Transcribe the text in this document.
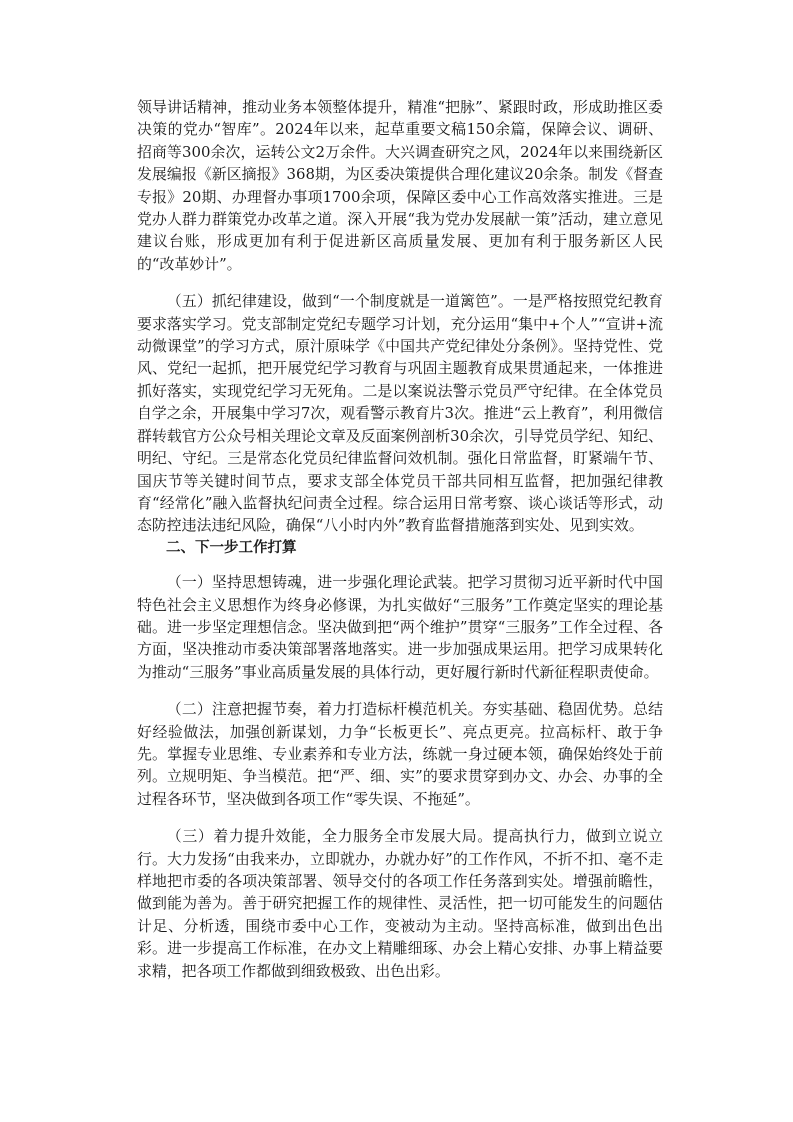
领导讲话精神，推动业务本领整体提升，精准“把脉”、紧跟时政，形成助推区委决策的党办“智库”。2024年以来，起草重要文稿150余篇，保障会议、调研、招商等300余次，运转公文2万余件。大兴调查研究之风，2024年以来围绕新区发展编报《新区摘报》368期，为区委决策提供合理化建议20余条。制发《督查专报》20期、办理督办事项1700余项，保障区委中心工作高效落实推进。三是党办人群力群策党办改革之道。深入开展“我为党办发展献一策”活动，建立意见建议台账，形成更加有利于促进新区高质量发展、更加有利于服务新区人民的“改革妙计”。

（五）抓纪律建设，做到“一个制度就是一道篱笆”。一是严格按照党纪教育要求落实学习。党支部制定党纪专题学习计划，充分运用“集中+个人”“宣讲+流动微课堂”的学习方式，原汁原味学《中国共产党纪律处分条例》。坚持党性、党风、党纪一起抓，把开展党纪学习教育与巩固主题教育成果贯通起来，一体推进抓好落实，实现党纪学习无死角。二是以案说法警示党员严守纪律。在全体党员自学之余，开展集中学习7次，观看警示教育片3次。推进“云上教育”，利用微信群转载官方公众号相关理论文章及反面案例剖析30余次，引导党员学纪、知纪、明纪、守纪。三是常态化党员纪律监督问效机制。强化日常监督，盯紧端午节、国庆节等关键时间节点，要求支部全体党员干部共同相互监督，把加强纪律教育“经常化”融入监督执纪问责全过程。综合运用日常考察、谈心谈话等形式，动态防控违法违纪风险，确保“八小时内外”教育监督措施落到实处、见到实效。

二、下一步工作打算

（一）坚持思想铸魂，进一步强化理论武装。把学习贯彻习近平新时代中国特色社会主义思想作为终身必修课，为扎实做好“三服务”工作奠定坚实的理论基础。进一步坚定理想信念。坚决做到把“两个维护”贯穿“三服务”工作全过程、各方面，坚决推动市委决策部署落地落实。进一步加强成果运用。把学习成果转化为推动“三服务”事业高质量发展的具体行动，更好履行新时代新征程职责使命。

（二）注意把握节奏，着力打造标杆模范机关。夯实基础、稳固优势。总结好经验做法，加强创新谋划，力争“长板更长”、亮点更亮。拉高标杆、敢于争先。掌握专业思维、专业素养和专业方法，练就一身过硬本领，确保始终处于前列。立规明矩、争当模范。把“严、细、实”的要求贯穿到办文、办会、办事的全过程各环节，坚决做到各项工作“零失误、不拖延”。

（三）着力提升效能，全力服务全市发展大局。提高执行力，做到立说立行。大力发扬“由我来办，立即就办，办就办好”的工作作风，不折不扣、毫不走样地把市委的各项决策部署、领导交付的各项工作任务落到实处。增强前瞻性，做到能为善为。善于研究把握工作的规律性、灵活性，把一切可能发生的问题估计足、分析透，围绕市委中心工作，变被动为主动。坚持高标准，做到出色出彩。进一步提高工作标准，在办文上精雕细琢、办会上精心安排、办事上精益要求精，把各项工作都做到细致极致、出色出彩。
